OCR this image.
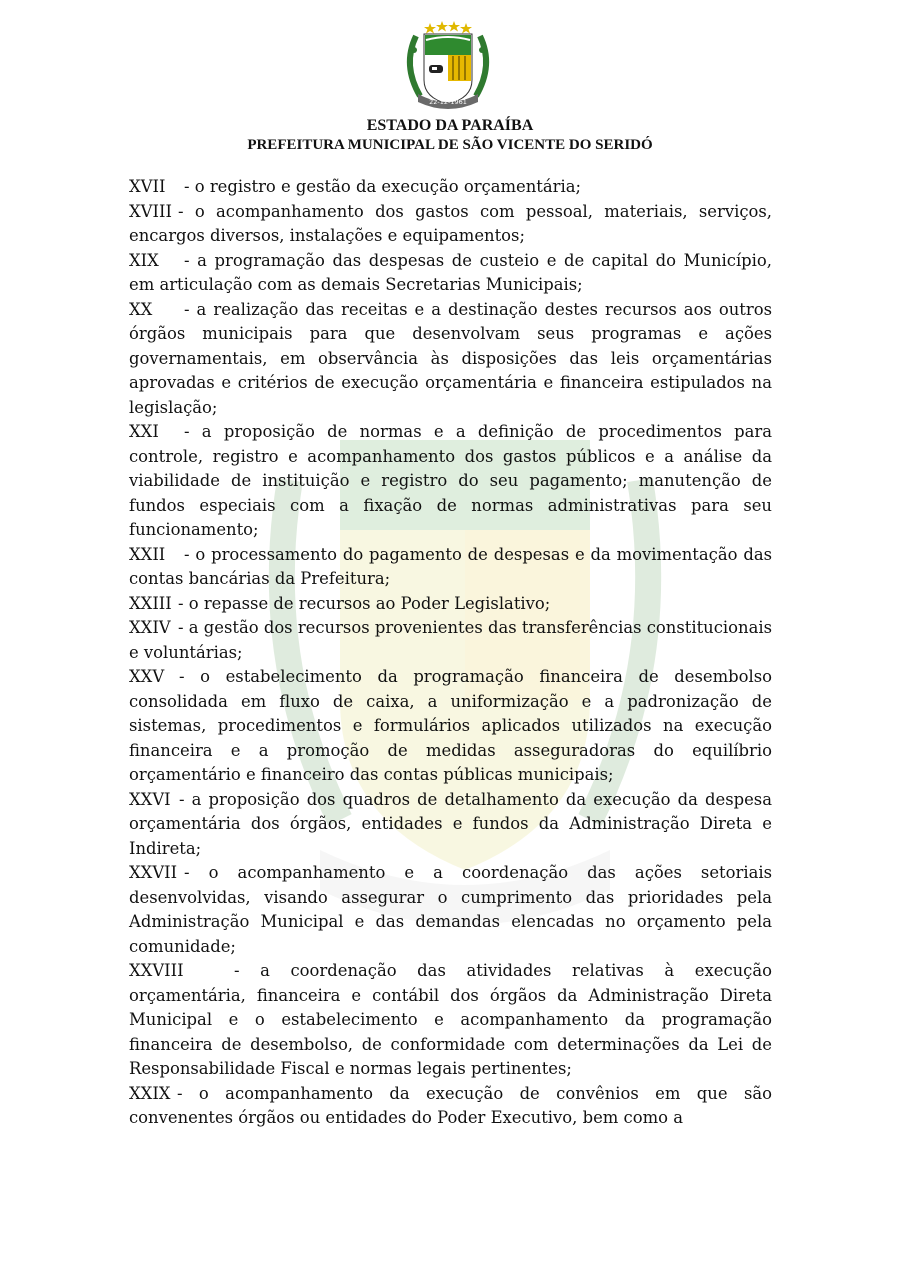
22-12-1961
ESTADO DA PARAÍBA
PREFEITURA MUNICIPAL DE SÃO VICENTE DO SERIDÓ

XVII - o registro e gestão da execução orçamentária;

XVIII - o acompanhamento dos gastos com pessoal, materiais, serviços, encargos diversos, instalações e equipamentos;

XIX - a programação das despesas de custeio e de capital do Município, em articulação com as demais Secretarias Municipais;

XX - a realização das receitas e a destinação destes recursos aos outros órgãos municipais para que desenvolvam seus programas e ações governamentais, em observância às disposições das leis orçamentárias aprovadas e critérios de execução orçamentária e financeira estipulados na legislação;

XXI - a proposição de normas e a definição de procedimentos para controle, registro e acompanhamento dos gastos públicos e a análise da viabilidade de instituição e registro do seu pagamento; manutenção de fundos especiais com a fixação de normas administrativas para seu funcionamento;

XXII - o processamento do pagamento de despesas e da movimentação das contas bancárias da Prefeitura;

XXIII - o repasse de recursos ao Poder Legislativo;

XXIV - a gestão dos recursos provenientes das transferências constitucionais e voluntárias;

XXV - o estabelecimento da programação financeira de desembolso consolidada em fluxo de caixa, a uniformização e a padronização de sistemas, procedimentos e formulários aplicados utilizados na execução financeira e a promoção de medidas asseguradoras do equilíbrio orçamentário e financeiro das contas públicas municipais;

XXVI - a proposição dos quadros de detalhamento da execução da despesa orçamentária dos órgãos, entidades e fundos da Administração Direta e Indireta;

XXVII - o acompanhamento e a coordenação das ações setoriais desenvolvidas, visando assegurar o cumprimento das prioridades pela Administração Municipal e das demandas elencadas no orçamento pela comunidade;

XXVIII	- a coordenação das atividades relativas à execução orçamentária, financeira e contábil dos órgãos da Administração Direta Municipal e o estabelecimento e acompanhamento da programação financeira de desembolso, de conformidade com determinações da Lei de Responsabilidade Fiscal e normas legais pertinentes;

XXIX - o acompanhamento da execução de convênios em que são convenentes órgãos ou entidades do Poder Executivo, bem como a
